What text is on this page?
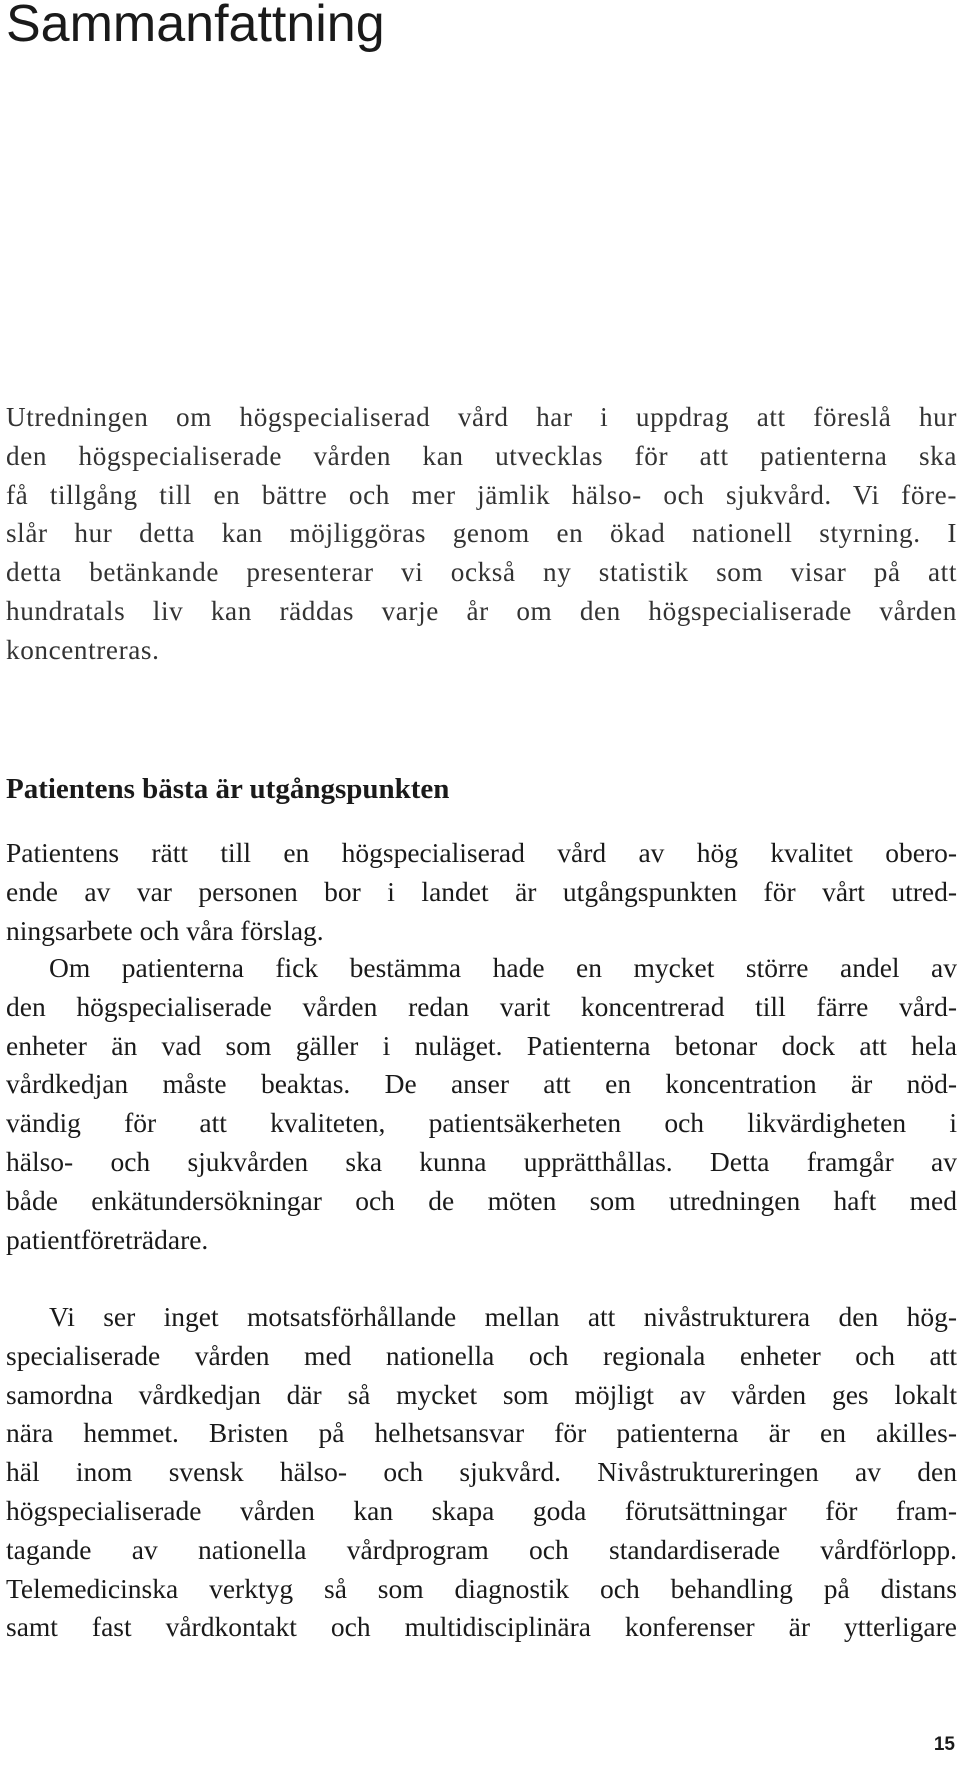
Sammanfattning
Utredningen om högspecialiserad vård har i uppdrag att föreslå hur
den högspecialiserade vården kan utvecklas för att patienterna ska
få tillgång till en bättre och mer jämlik hälso- och sjukvård. Vi före-
slår hur detta kan möjliggöras genom en ökad nationell styrning. I
detta betänkande presenterar vi också ny statistik som visar på att
hundratals liv kan räddas varje år om den högspecialiserade vården
koncentreras.
Patientens bästa är utgångspunkten
Patientens rätt till en högspecialiserad vård av hög kvalitet obero-
ende av var personen bor i landet är utgångspunkten för vårt utred-
ningsarbete och våra förslag.
Om patienterna fick bestämma hade en mycket större andel av
den högspecialiserade vården redan varit koncentrerad till färre vård-
enheter än vad som gäller i nuläget. Patienterna betonar dock att hela
vårdkedjan måste beaktas. De anser att en koncentration är nöd-
vändig för att kvaliteten, patientsäkerheten och likvärdigheten i
hälso- och sjukvården ska kunna upprätthållas. Detta framgår av
både enkätundersökningar och de möten som utredningen haft med
patientföreträdare.
Vi ser inget motsatsförhållande mellan att nivåstrukturera den hög-
specialiserade vården med nationella och regionala enheter och att
samordna vårdkedjan där så mycket som möjligt av vården ges lokalt
nära hemmet. Bristen på helhetsansvar för patienterna är en akilles-
häl inom svensk hälso- och sjukvård. Nivåstruktureringen av den
högspecialiserade vården kan skapa goda förutsättningar för fram-
tagande av nationella vårdprogram och standardiserade vårdförlopp.
Telemedicinska verktyg så som diagnostik och behandling på distans
samt fast vårdkontakt och multidisciplinära konferenser är ytterligare
15
